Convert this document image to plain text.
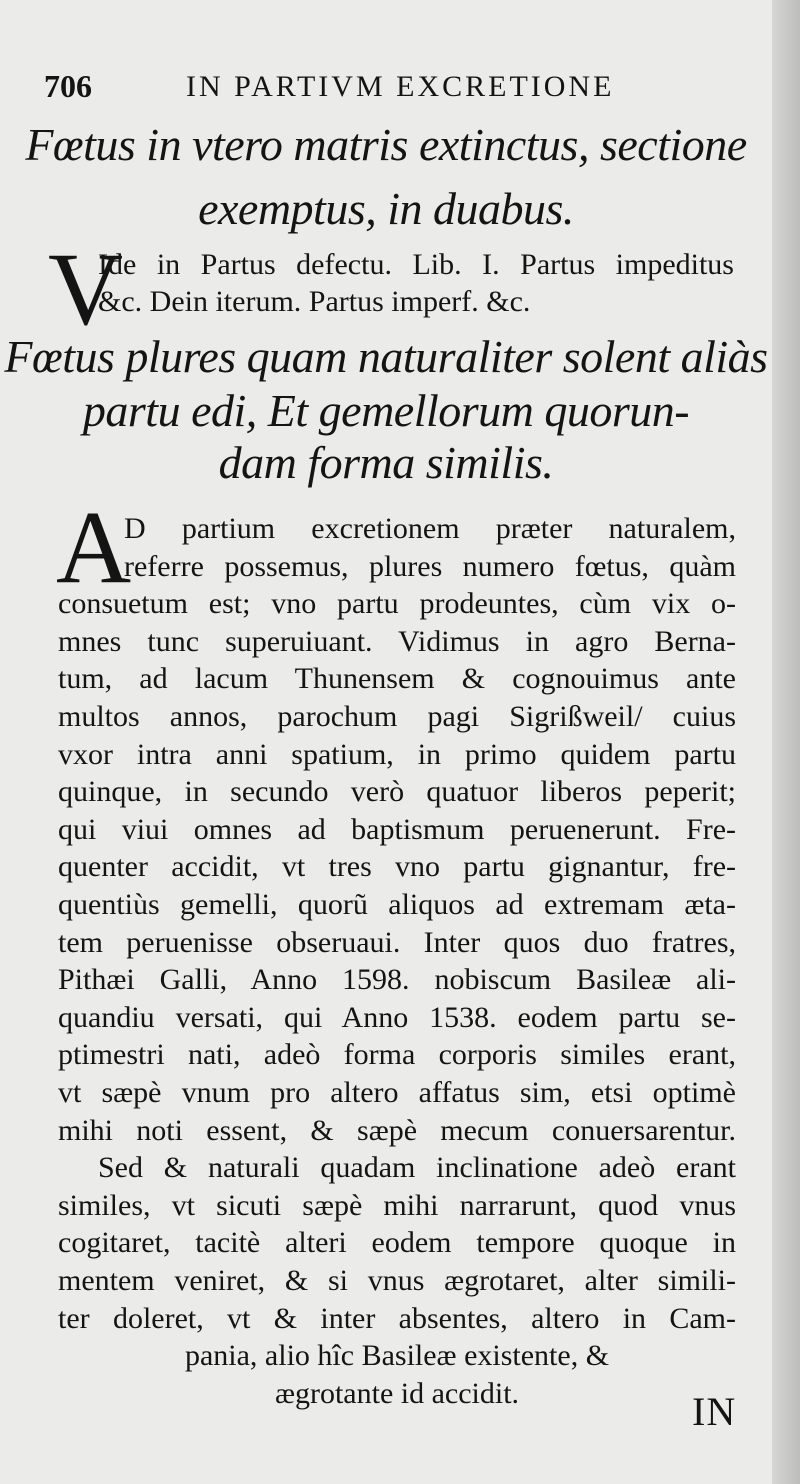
706	IN PARTIVM EXCRETIONE
Fœtus in vtero matris extinctus, sectione
exemptus, in duabus.
V
Ide in Partus defectu. Lib. I. Partus impeditus
&c. Dein iterum. Partus imperf. &c.
Fœtus plures quam naturaliter solent aliàs
partu edi, Et gemellorum quorun-
dam forma similis.
A
D partium excretionem præter naturalem,
referre possemus, plures numero fœtus, quàm
consuetum est; vno partu prodeuntes, cùm vix o-
mnes tunc superuiuant. Vidimus in agro Berna-
tum, ad lacum Thunensem & cognouimus ante
multos annos, parochum pagi Sigrißweil/ cuius
vxor intra anni spatium, in primo quidem partu
quinque, in secundo verò quatuor liberos peperit;
qui viui omnes ad baptismum peruenerunt. Fre-
quenter accidit, vt tres vno partu gignantur, fre-
quentiùs gemelli, quorũ aliquos ad extremam æta-
tem peruenisse obseruaui. Inter quos duo fratres,
Pithæi Galli, Anno 1598. nobiscum Basileæ ali-
quandiu versati, qui Anno 1538. eodem partu se-
ptimestri nati, adeò forma corporis similes erant,
vt sæpè vnum pro altero affatus sim, etsi optimè
mihi noti essent, & sæpè mecum conuersarentur.
Sed & naturali quadam inclinatione adeò erant
similes, vt sicuti sæpè mihi narrarunt, quod vnus
cogitaret, tacitè alteri eodem tempore quoque in
mentem veniret, & si vnus ægrotaret, alter simili-
ter doleret, vt & inter absentes, altero in Cam-
pania, alio hîc Basileæ existente, &
ægrotante id accidit.	IN
